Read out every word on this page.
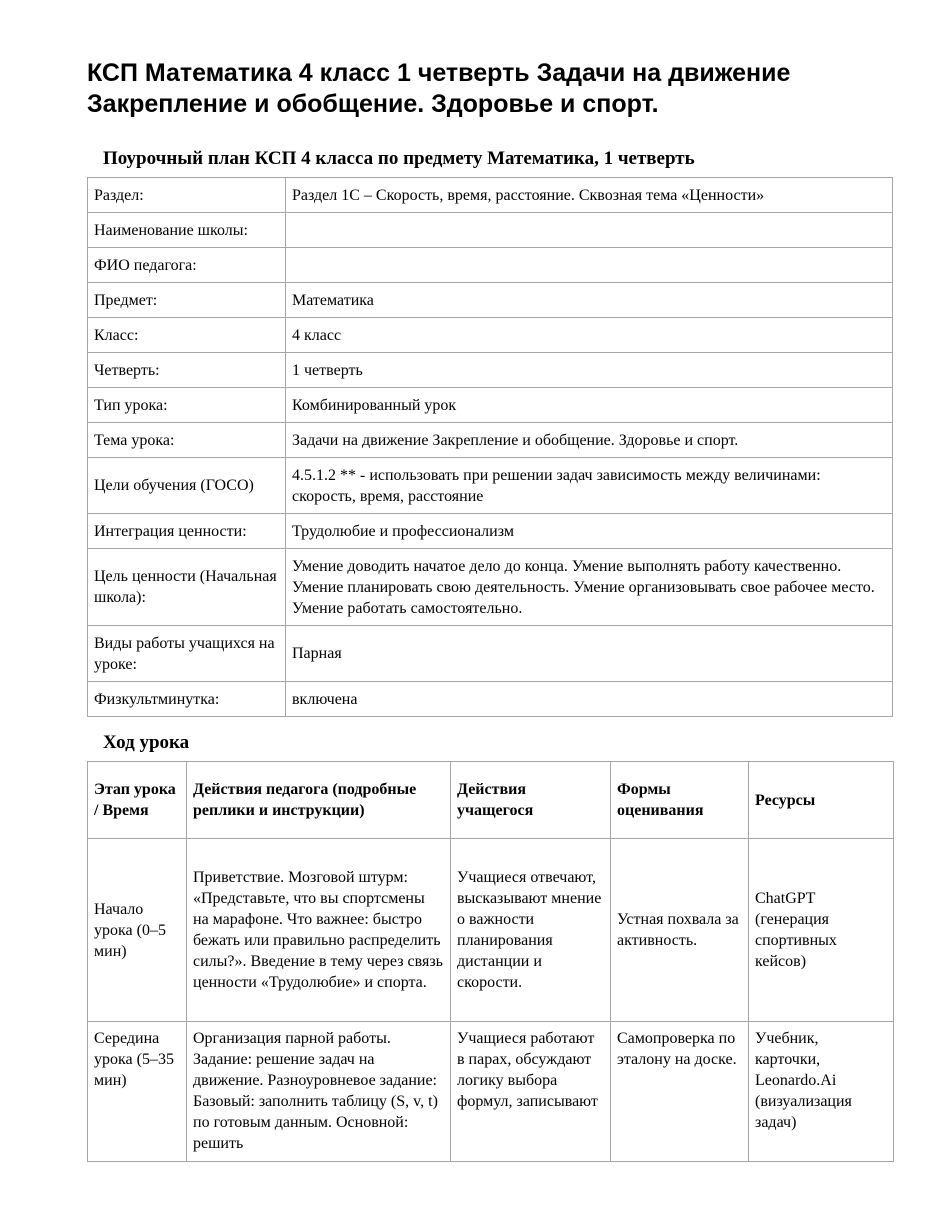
КСП Математика 4 класс 1 четверть Задачи на движение
Закрепление и обобщение. Здоровье и спорт.
Поурочный план КСП 4 класса по предмету Математика, 1 четверть
Раздел:	Раздел 1С – Скорость, время, расстояние. Сквозная тема «Ценности»
Наименование школы:	
ФИО педагога:	
Предмет:	Математика
Класс:	4 класс
Четверть:	1 четверть
Тип урока:	Комбинированный урок
Тема урока:	Задачи на движение Закрепление и обобщение. Здоровье и спорт.
Цели обучения (ГОСО)	4.5.1.2 ** - использовать при решении задач зависимость между величинами: скорость, время, расстояние
Интеграция ценности:	Трудолюбие и профессионализм
Цель ценности (Начальная школа):	Умение доводить начатое дело до конца. Умение выполнять работу качественно. Умение планировать свою деятельность. Умение организовывать свое рабочее место. Умение работать самостоятельно.
Виды работы учащихся на уроке:	Парная
Физкультминутка:	включена
Ход урока
Этап урока / Время	Действия педагога (подробные реплики и инструкции)	Действия учащегося	Формы оценивания	Ресурсы
Начало урока (0–5 мин)	Приветствие. Мозговой штурм: «Представьте, что вы спортсмены на марафоне. Что важнее: быстро бежать или правильно распределить силы?». Введение в тему через связь ценности «Трудолюбие» и спорта.	Учащиеся отвечают, высказывают мнение о важности планирования дистанции и скорости.	Устная похвала за активность.	ChatGPT (генерация спортивных кейсов)
Середина урока (5–35 мин)	Организация парной работы. Задание: решение задач на движение. Разноуровневое задание: Базовый: заполнить таблицу (S, v, t) по готовым данным. Основной: решить	Учащиеся работают в парах, обсуждают логику выбора формул, записывают	Самопроверка по эталону на доске.	Учебник, карточки, Leonardo.Ai (визуализация задач)
